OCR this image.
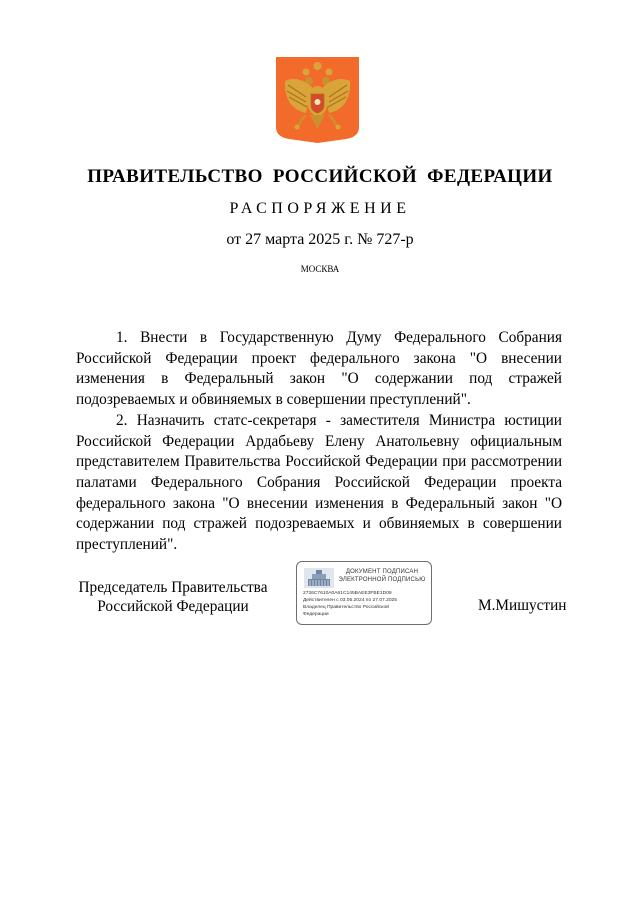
ПРАВИТЕЛЬСТВО РОССИЙСКОЙ ФЕДЕРАЦИИ
РАСПОРЯЖЕНИЕ
от 27 марта 2025 г. № 727-р
МОСКВА

1. Внести в Государственную Думу Федерального Собрания Российской Федерации проект федерального закона "О внесении изменения в Федеральный закон "О содержании под стражей подозреваемых и обвиняемых в совершении преступлений".

2. Назначить статс-секретаря - заместителя Министра юстиции Российской Федерации Ардабьеву Елену Анатольевну официальным представителем Правительства Российской Федерации при рассмотрении палатами Федерального Собрания Российской Федерации проекта федерального закона "О внесении изменения в Федеральный закон "О содержании под стражей подозреваемых и обвиняемых в совершении преступлений".

Председатель Правительства
Российской Федерации
ДОКУМЕНТ ПОДПИСАН
ЭЛЕКТРОННОЙ ПОДПИСЬЮ
2726C7610A0A61C145BAEE3FBE1D09
Действителен с 03.05.2024 по 27.07.2025
Владелец Правительство Российской
Федерации
М.Мишустин
